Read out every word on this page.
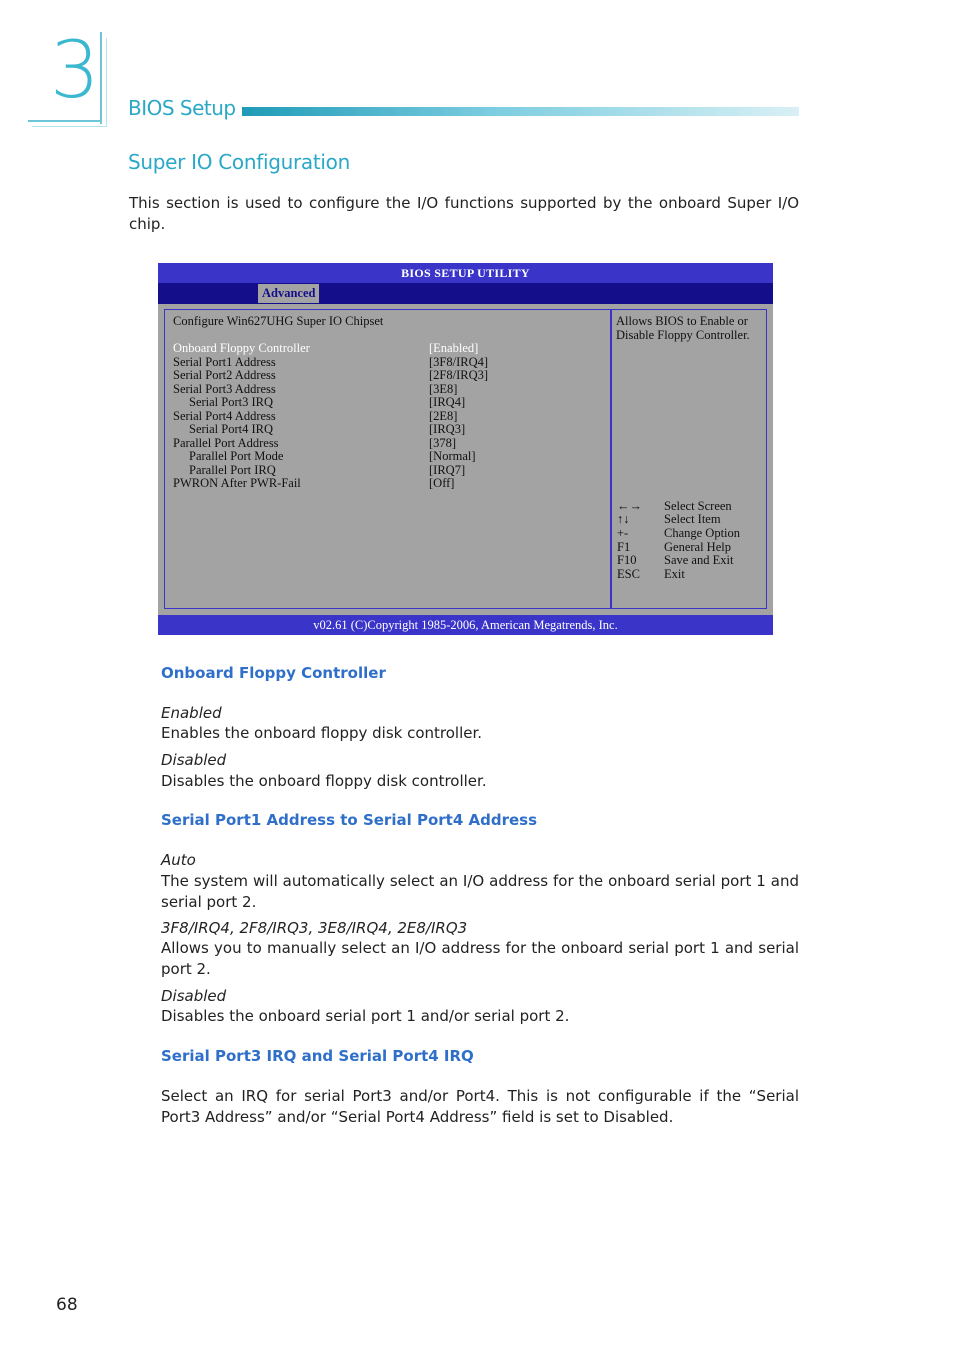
3 BIOS Setup
Super IO Configuration
This section is used to configure the I/O functions supported by the onboard Super I/O chip.
BIOS SETUP UTILITY
Advanced
Configure Win627UHG Super IO Chipset
Onboard Floppy Controller	[Enabled]
Serial Port1 Address	[3F8/IRQ4]
Serial Port2 Address	[2F8/IRQ3]
Serial Port3 Address	[3E8]
Serial Port3 IRQ	[IRQ4]
Serial Port4 Address	[2E8]
Serial Port4 IRQ	[IRQ3]
Parallel Port Address	[378]
Parallel Port Mode	[Normal]
Parallel Port IRQ	[IRQ7]
PWRON After PWR-Fail	[Off]
Allows BIOS to Enable or Disable Floppy Controller.
←→	Select Screen
↑↓	Select Item
+-	Change Option
F1	General Help
F10	Save and Exit
ESC	Exit
v02.61 (C)Copyright 1985-2006, American Megatrends, Inc.
Onboard Floppy Controller
Enabled
Enables the onboard floppy disk controller.
Disabled
Disables the onboard floppy disk controller.
Serial Port1 Address to Serial Port4 Address
Auto
The system will automatically select an I/O address for the onboard serial port 1 and serial port 2.
3F8/IRQ4, 2F8/IRQ3, 3E8/IRQ4, 2E8/IRQ3
Allows you to manually select an I/O address for the onboard serial port 1 and serial port 2.
Disabled
Disables the onboard serial port 1 and/or serial port 2.
Serial Port3 IRQ and Serial Port4 IRQ
Select an IRQ for serial Port3 and/or Port4. This is not configurable if the “Serial Port3 Address” and/or “Serial Port4 Address” field is set to Disabled.
68
